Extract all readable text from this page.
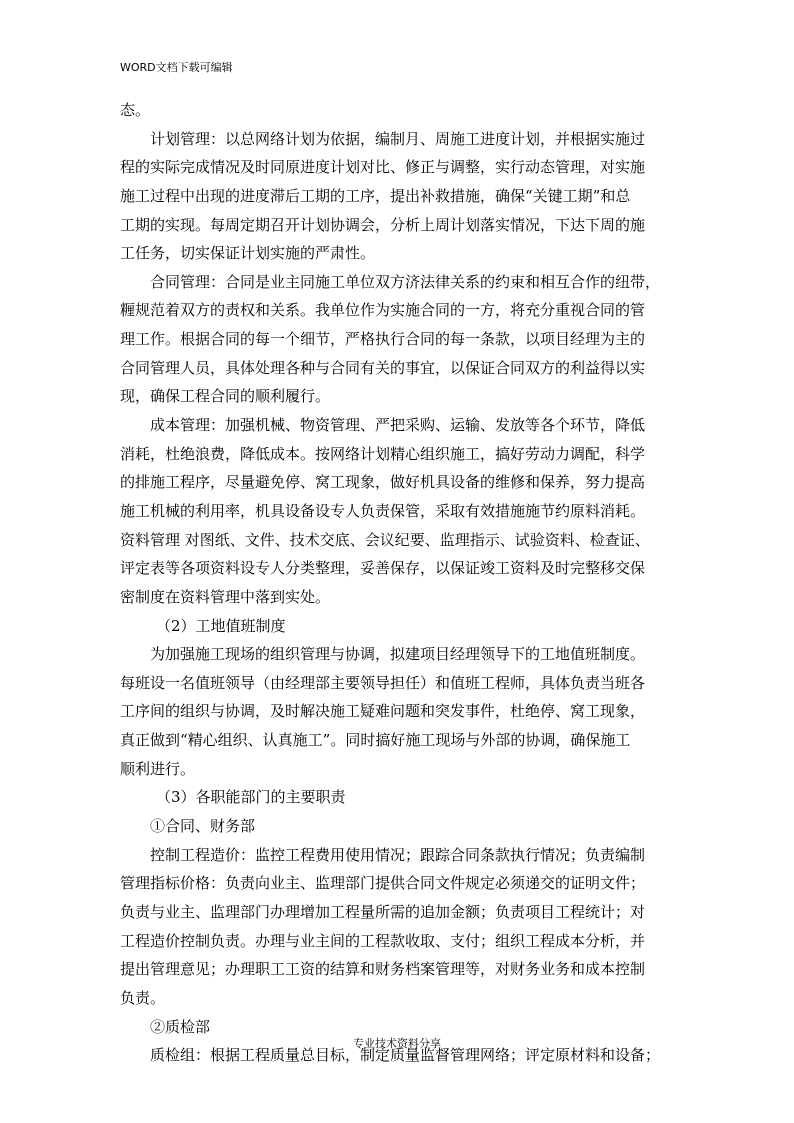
WORD文档下载可编辑
态。
计划管理：以总网络计划为依据，编制月、周施工进度计划，并根据实施过
程的实际完成情况及时同原进度计划对比、修正与调整，实行动态管理，对实施
施工过程中出现的进度滞后工期的工序，提出补救措施，确保“关键工期”和总
工期的实现。每周定期召开计划协调会，分析上周计划落实情况，下达下周的施
工任务，切实保证计划实施的严肃性。
合同管理：合同是业主同施工单位双方济法律关系的约束和相互合作的纽带，
糎规范着双方的责权和关系。我单位作为实施合同的一方，将充分重视合同的管
理工作。根据合同的每一个细节，严格执行合同的每一条款，以项目经理为主的
合同管理人员，具体处理各种与合同有关的事宜，以保证合同双方的利益得以实
现，确保工程合同的顺利履行。
成本管理：加强机械、物资管理、严把采购、运输、发放等各个环节，降低
消耗，杜绝浪费，降低成本。按网络计划精心组织施工，搞好劳动力调配，科学
的排施工程序，尽量避免停、窝工现象，做好机具设备的维修和保养，努力提高
施工机械的利用率，机具设备设专人负责保管，采取有效措施施节约原料消耗。
资料管理 对图纸、文件、技术交底、会议纪要、监理指示、试验资料、检查证、
评定表等各项资料设专人分类整理，妥善保存，以保证竣工资料及时完整移交保
密制度在资料管理中落到实处。
（2）工地值班制度
为加强施工现场的组织管理与协调，拟建项目经理领导下的工地值班制度。
每班设一名值班领导（由经理部主要领导担任）和值班工程师，具体负责当班各
工序间的组织与协调，及时解决施工疑难问题和突发事件，杜绝停、窝工现象，
真正做到“精心组织、认真施工”。同时搞好施工现场与外部的协调，确保施工
顺利进行。
（3）各职能部门的主要职责
①合同、财务部
控制工程造价：监控工程费用使用情况；跟踪合同条款执行情况；负责编制
管理指标价格：负责向业主、监理部门提供合同文件规定必须递交的证明文件；
负责与业主、监理部门办理增加工程量所需的追加金额；负责项目工程统计；对
工程造价控制负责。办理与业主间的工程款收取、支付；组织工程成本分析，并
提出管理意见；办理职工工资的结算和财务档案管理等，对财务业务和成本控制
负责。
②质检部
质检组：根据工程质量总目标，制定质量监督管理网络；评定原材料和设备；
专业技术资料分享
